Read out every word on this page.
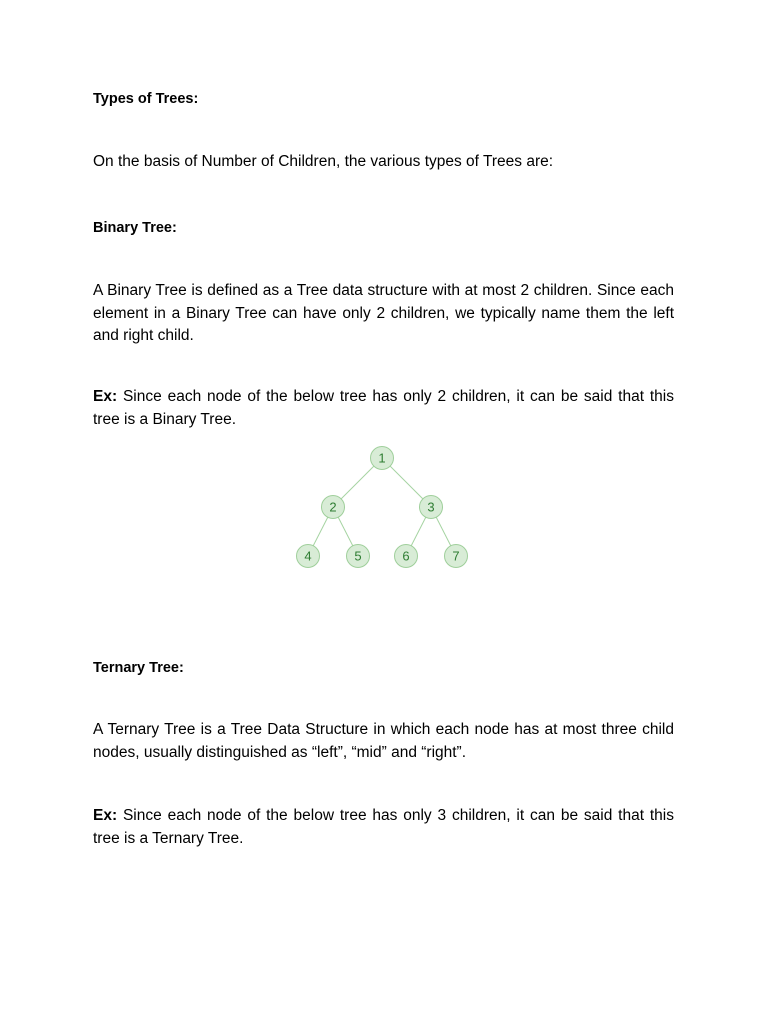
Types of Trees:

On the basis of Number of Children, the various types of Trees are:

Binary Tree:

A Binary Tree is defined as a Tree data structure with at most 2 children. Since each element in a Binary Tree can have only 2 children, we typically name them the left and right child.

Ex: Since each node of the below tree has only 2 children, it can be said that this tree is a Binary Tree.

1
2	3
4	5	6	7

Ternary Tree:

A Ternary Tree is a Tree Data Structure in which each node has at most three child nodes, usually distinguished as “left”, “mid” and “right”.

Ex: Since each node of the below tree has only 3 children, it can be said that this tree is a Ternary Tree.
